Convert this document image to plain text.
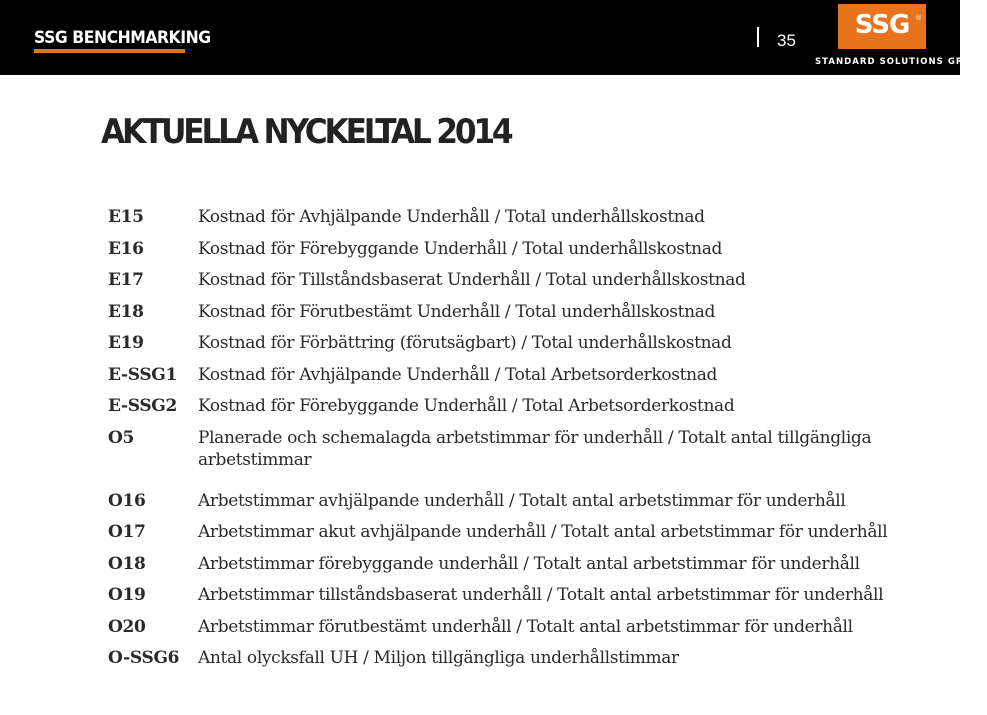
SSG BENCHMARKING	35
SSG ®
STANDARD SOLUTIONS GROUP
AKTUELLA NYCKELTAL 2014
E15	Kostnad för Avhjälpande Underhåll / Total underhållskostnad
E16	Kostnad för Förebyggande Underhåll / Total underhållskostnad
E17	Kostnad för Tillståndsbaserat Underhåll / Total underhållskostnad
E18	Kostnad för Förutbestämt Underhåll / Total underhållskostnad
E19	Kostnad för Förbättring (förutsägbart) / Total underhållskostnad
E-SSG1	Kostnad för Avhjälpande Underhåll / Total Arbetsorderkostnad
E-SSG2	Kostnad för Förebyggande Underhåll / Total Arbetsorderkostnad
O5	Planerade och schemalagda arbetstimmar för underhåll / Totalt antal tillgängliga arbetstimmar
O16	Arbetstimmar avhjälpande underhåll / Totalt antal arbetstimmar för underhåll
O17	Arbetstimmar akut avhjälpande underhåll / Totalt antal arbetstimmar för underhåll
O18	Arbetstimmar förebyggande underhåll / Totalt antal arbetstimmar för underhåll
O19	Arbetstimmar tillståndsbaserat underhåll / Totalt antal arbetstimmar för underhåll
O20	Arbetstimmar förutbestämt underhåll / Totalt antal arbetstimmar för underhåll
O-SSG6	Antal olycksfall UH / Miljon tillgängliga underhållstimmar
